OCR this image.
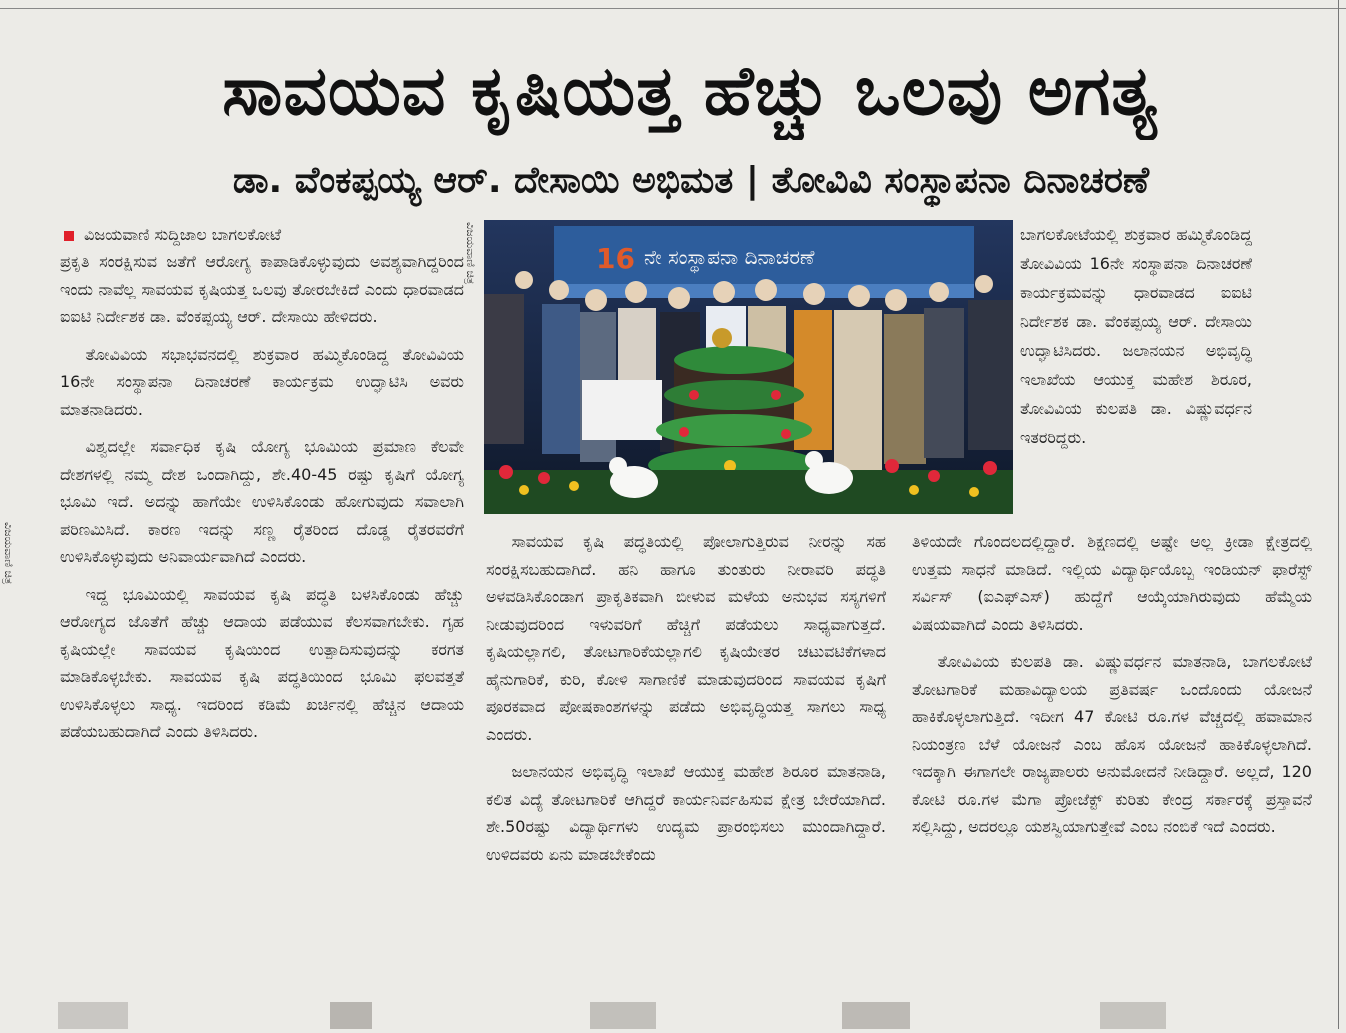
ಸಾವಯವ ಕೃಷಿಯತ್ತ ಹೆಚ್ಚು ಒಲವು ಅಗತ್ಯ
ಡಾ. ವೆಂಕಪ್ಪಯ್ಯ ಆರ್. ದೇಸಾಯಿ ಅಭಿಮತ | ತೋವಿವಿ ಸಂಸ್ಥಾಪನಾ ದಿನಾಚರಣೆ
ವಿಜಯವಾಣಿ ಸುದ್ದಿಜಾಲ ಬಾಗಲಕೋಟೆ
ವಿಜಯವಾಣಿ ಚಿತ್ರ
ವಿಜಯವಾಣಿ ಚಿತ್ರ

ಪ್ರಕೃತಿ ಸಂರಕ್ಷಿಸುವ ಜತೆಗೆ ಆರೋಗ್ಯ ಕಾಪಾಡಿಕೊಳ್ಳುವುದು ಅವಶ್ಯವಾಗಿದ್ದರಿಂದ ಇಂದು ನಾವೆಲ್ಲ ಸಾವಯವ ಕೃಷಿಯತ್ತ ಒಲವು ತೋರಬೇಕಿದೆ ಎಂದು ಧಾರವಾಡದ ಐಐಟಿ ನಿರ್ದೇಶಕ ಡಾ. ವೆಂಕಪ್ಪಯ್ಯ ಆರ್. ದೇಸಾಯಿ ಹೇಳಿದರು.

ತೋವಿವಿಯ ಸಭಾಭವನದಲ್ಲಿ ಶುಕ್ರವಾರ ಹಮ್ಮಿಕೊಂಡಿದ್ದ ತೋವಿವಿಯ 16ನೇ ಸಂಸ್ಥಾಪನಾ ದಿನಾಚರಣೆ ಕಾರ್ಯಕ್ರಮ ಉದ್ಘಾಟಿಸಿ ಅವರು ಮಾತನಾಡಿದರು.

ವಿಶ್ವದಲ್ಲೇ ಸರ್ವಾಧಿಕ ಕೃಷಿ ಯೋಗ್ಯ ಭೂಮಿಯ ಪ್ರಮಾಣ ಕೆಲವೇ ದೇಶಗಳಲ್ಲಿ ನಮ್ಮ ದೇಶ ಒಂದಾಗಿದ್ದು, ಶೇ.40-45 ರಷ್ಟು ಕೃಷಿಗೆ ಯೋಗ್ಯ ಭೂಮಿ ಇದೆ. ಅದನ್ನು ಹಾಗೆಯೇ ಉಳಿಸಿಕೊಂಡು ಹೋಗುವುದು ಸವಾಲಾಗಿ ಪರಿಣಮಿಸಿದೆ. ಕಾರಣ ಇದನ್ನು ಸಣ್ಣ ರೈತರಿಂದ ದೊಡ್ಡ ರೈತರವರೆಗೆ ಉಳಿಸಿಕೊಳ್ಳುವುದು ಅನಿವಾರ್ಯವಾಗಿದೆ ಎಂದರು.

ಇದ್ದ ಭೂಮಿಯಲ್ಲಿ ಸಾವಯವ ಕೃಷಿ ಪದ್ಧತಿ ಬಳಸಿಕೊಂಡು ಹೆಚ್ಚು ಆರೋಗ್ಯದ ಜೊತೆಗೆ ಹೆಚ್ಚು ಆದಾಯ ಪಡೆಯುವ ಕೆಲಸವಾಗಬೇಕು. ಗೃಹ ಕೃಷಿಯಲ್ಲೇ ಸಾವಯವ ಕೃಷಿಯಿಂದ ಉತ್ಪಾದಿಸುವುದನ್ನು ಕರಗತ ಮಾಡಿಕೊಳ್ಳಬೇಕು. ಸಾವಯವ ಕೃಷಿ ಪದ್ಧತಿಯಿಂದ ಭೂಮಿ ಫಲವತ್ತತೆ ಉಳಿಸಿಕೊಳ್ಳಲು ಸಾಧ್ಯ. ಇದರಿಂದ ಕಡಿಮೆ ಖರ್ಚಿನಲ್ಲಿ ಹೆಚ್ಚಿನ ಆದಾಯ ಪಡೆಯಬಹುದಾಗಿದೆ ಎಂದು ತಿಳಿಸಿದರು.

16 ನೇ ಸಂಸ್ಥಾಪನಾ ದಿನಾಚರಣೆ

ಬಾಗಲಕೋಟೆಯಲ್ಲಿ ಶುಕ್ರವಾರ ಹಮ್ಮಿಕೊಂಡಿದ್ದ ತೋವಿವಿಯ 16ನೇ ಸಂಸ್ಥಾಪನಾ ದಿನಾಚರಣೆ ಕಾರ್ಯಕ್ರಮವನ್ನು ಧಾರವಾಡದ ಐಐಟಿ ನಿರ್ದೇಶಕ ಡಾ. ವೆಂಕಪ್ಪಯ್ಯ ಆರ್. ದೇಸಾಯಿ ಉದ್ಘಾಟಿಸಿದರು. ಜಲಾನಯನ ಅಭಿವೃದ್ಧಿ ಇಲಾಖೆಯ ಆಯುಕ್ತ ಮಹೇಶ ಶಿರೂರ, ತೋವಿವಿಯ ಕುಲಪತಿ ಡಾ. ವಿಷ್ಣುವರ್ಧನ ಇತರರಿದ್ದರು.

ಸಾವಯವ ಕೃಷಿ ಪದ್ಧತಿಯಲ್ಲಿ ಪೋಲಾಗುತ್ತಿರುವ ನೀರನ್ನು ಸಹ ಸಂರಕ್ಷಿಸಬಹುದಾಗಿದೆ. ಹನಿ ಹಾಗೂ ತುಂತುರು ನೀರಾವರಿ ಪದ್ಧತಿ ಅಳವಡಿಸಿಕೊಂಡಾಗ ಪ್ರಾಕೃತಿಕವಾಗಿ ಬೀಳುವ ಮಳೆಯ ಅನುಭವ ಸಸ್ಯಗಳಿಗೆ ನೀಡುವುದರಿಂದ ಇಳುವರಿಗೆ ಹೆಚ್ಚಿಗೆ ಪಡೆಯಲು ಸಾಧ್ಯವಾಗುತ್ತದೆ. ಕೃಷಿಯಲ್ಲಾಗಲಿ, ತೋಟಗಾರಿಕೆಯಲ್ಲಾಗಲಿ ಕೃಷಿಯೇತರ ಚಟುವಟಿಕೆಗಳಾದ ಹೈನುಗಾರಿಕೆ, ಕುರಿ, ಕೋಳಿ ಸಾಗಾಣಿಕೆ ಮಾಡುವುದರಿಂದ ಸಾವಯವ ಕೃಷಿಗೆ ಪೂರಕವಾದ ಪೋಷಕಾಂಶಗಳನ್ನು ಪಡೆದು ಅಭಿವೃದ್ಧಿಯತ್ತ ಸಾಗಲು ಸಾಧ್ಯ ಎಂದರು.

ಜಲಾನಯನ ಅಭಿವೃದ್ಧಿ ಇಲಾಖೆ ಆಯುಕ್ತ ಮಹೇಶ ಶಿರೂರ ಮಾತನಾಡಿ, ಕಲಿತ ವಿದ್ಯೆ ತೋಟಗಾರಿಕೆ ಆಗಿದ್ದರೆ ಕಾರ್ಯನಿರ್ವಹಿಸುವ ಕ್ಷೇತ್ರ ಬೇರೆಯಾಗಿದೆ. ಶೇ.50ರಷ್ಟು ವಿದ್ಯಾರ್ಥಿಗಳು ಉದ್ಯಮ ಪ್ರಾರಂಭಿಸಲು ಮುಂದಾಗಿದ್ದಾರೆ. ಉಳಿದವರು ಏನು ಮಾಡಬೇಕೆಂದು

ತಿಳಿಯದೇ ಗೊಂದಲದಲ್ಲಿದ್ದಾರೆ. ಶಿಕ್ಷಣದಲ್ಲಿ ಅಷ್ಟೇ ಅಲ್ಲ ಕ್ರೀಡಾ ಕ್ಷೇತ್ರದಲ್ಲಿ ಉತ್ತಮ ಸಾಧನೆ ಮಾಡಿದೆ. ಇಲ್ಲಿಯ ವಿದ್ಯಾರ್ಥಿಯೊಬ್ಬ ಇಂಡಿಯನ್ ಫಾರೆಸ್ಟ್ ಸರ್ವಿಸ್ (ಐಎಫ್ಎಸ್) ಹುದ್ದೆಗೆ ಆಯ್ಕೆಯಾಗಿರುವುದು ಹೆಮ್ಮೆಯ ವಿಷಯವಾಗಿದೆ ಎಂದು ತಿಳಿಸಿದರು.

ತೋವಿವಿಯ ಕುಲಪತಿ ಡಾ. ವಿಷ್ಣುವರ್ಧನ ಮಾತನಾಡಿ, ಬಾಗಲಕೋಟೆ ತೋಟಗಾರಿಕೆ ಮಹಾವಿದ್ಯಾಲಯ ಪ್ರತಿವರ್ಷ ಒಂದೊಂದು ಯೋಜನೆ ಹಾಕಿಕೊಳ್ಳಲಾಗುತ್ತಿದೆ. ಇದೀಗ 47 ಕೋಟಿ ರೂ.ಗಳ ವೆಚ್ಚದಲ್ಲಿ ಹವಾಮಾನ ನಿಯಂತ್ರಣ ಬೆಳೆ ಯೋಜನೆ ಎಂಬ ಹೊಸ ಯೋಜನೆ ಹಾಕಿಕೊಳ್ಳಲಾಗಿದೆ. ಇದಕ್ಕಾಗಿ ಈಗಾಗಲೇ ರಾಜ್ಯಪಾಲರು ಅನುಮೋದನೆ ನೀಡಿದ್ದಾರೆ. ಅಲ್ಲದೆ, 120 ಕೋಟಿ ರೂ.ಗಳ ಮೆಗಾ ಪ್ರೋಜೆಕ್ಟ್ ಕುರಿತು ಕೇಂದ್ರ ಸರ್ಕಾರಕ್ಕೆ ಪ್ರಸ್ತಾವನೆ ಸಲ್ಲಿಸಿದ್ದು, ಅದರಲ್ಲೂ ಯಶಸ್ವಿಯಾಗುತ್ತೇವೆ ಎಂಬ ನಂಬಿಕೆ ಇದೆ ಎಂದರು.
